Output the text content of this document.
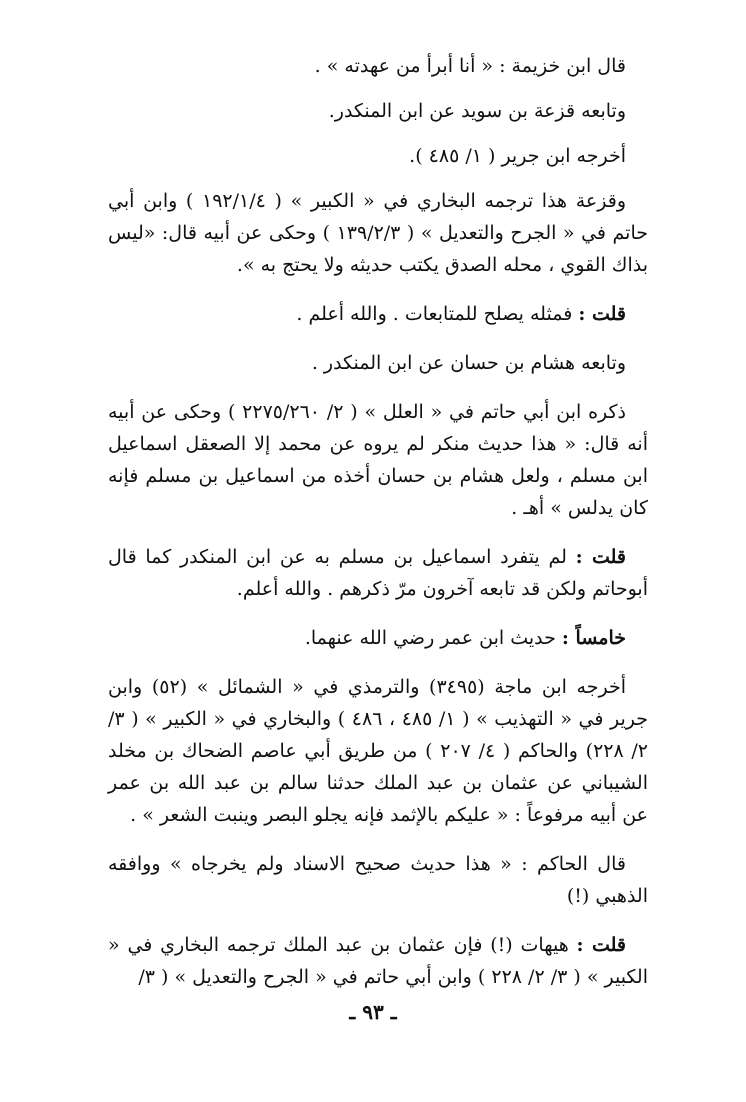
قال ابن خزيمة : « أنا أبرأ من عهدته » .

وتابعه قزعة بن سويد عن ابن المنكدر.

أخرجه ابن جرير ( ١/ ٤٨٥ ).

وقزعة هذا ترجمه البخاري في « الكبير » ( ١٩٢/١/٤ ) وابن أبي حاتم في « الجرح والتعديل » ( ١٣٩/٢/٣ ) وحكى عن أبيه قال: «ليس بذاك القوي ، محله الصدق يكتب حديثه ولا يحتج به ».

قلت : فمثله يصلح للمتابعات . والله أعلم .

وتابعه هشام بن حسان عن ابن المنكدر .

ذكره ابن أبي حاتم في « العلل » ( ٢/ ٢٢٧٥/٢٦٠ ) وحكى عن أبيه أنه قال: « هذا حديث منكر لم يروه عن محمد إلا الصعقل اسماعيل ابن مسلم ، ولعل هشام بن حسان أخذه من اسماعيل بن مسلم فإنه كان يدلس » أهـ .

قلت : لم يتفرد اسماعيل بن مسلم به عن ابن المنكدر كما قال أبوحاتم ولكن قد تابعه آخرون مرّ ذكرهم . والله أعلم.

خامساً : حديث ابن عمر رضي الله عنهما.

أخرجه ابن ماجة (٣٤٩٥) والترمذي في « الشمائل » (٥٢) وابن جرير في « التهذيب » ( ١/ ٤٨٥ ، ٤٨٦ ) والبخاري في « الكبير » ( ٣/ ٢/ ٢٢٨) والحاكم ( ٤/ ٢٠٧ ) من طريق أبي عاصم الضحاك بن مخلد الشيباني عن عثمان بن عبد الملك حدثنا سالم بن عبد الله بن عمر عن أبيه مرفوعاً : « عليكم بالإثمد فإنه يجلو البصر وينبت الشعر » .

قال الحاكم : « هذا حديث صحيح الاسناد ولم يخرجاه » ووافقه الذهبي (!)

قلت : هيهات (!) فإن عثمان بن عبد الملك ترجمه البخاري في « الكبير » ( ٣/ ٢/ ٢٢٨ ) وابن أبي حاتم في « الجرح والتعديل » ( ٣/

ـ ٩٣ ـ
